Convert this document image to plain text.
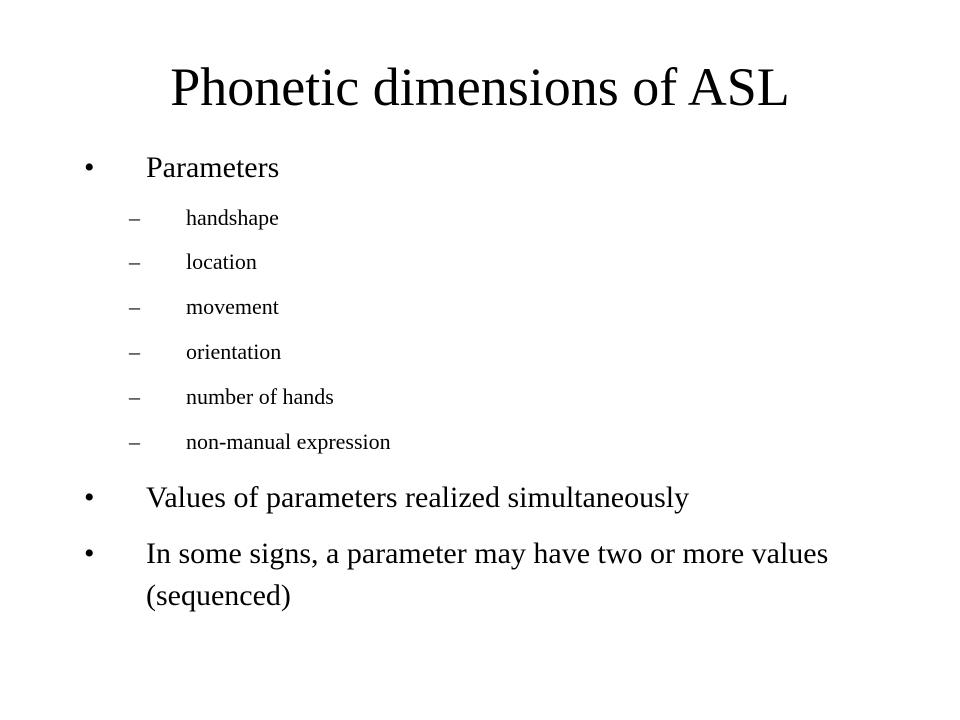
Phonetic dimensions of ASL
• Parameters
– handshape
– location
– movement
– orientation
– number of hands
– non-manual expression
• Values of parameters realized simultaneously
• In some signs, a parameter may have two or more values (sequenced)
